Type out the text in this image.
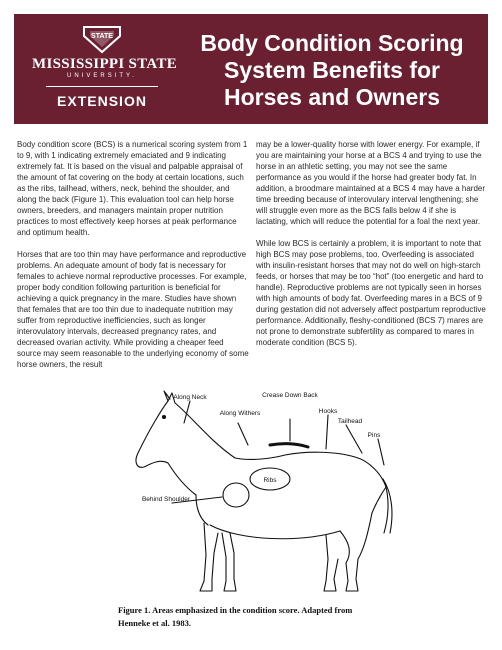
STATE
MISSISSIPPI STATE
UNIVERSITY.
EXTENSION
Body Condition Scoring
System Benefits for
Horses and Owners

Body condition score (BCS) is a numerical scoring system from 1 to 9, with 1 indicating extremely emaciated and 9 indicating extremely fat. It is based on the visual and palpable appraisal of the amount of fat covering on the body at certain locations, such as the ribs, tailhead, withers, neck, behind the shoulder, and along the back (Figure 1). This evaluation tool can help horse owners, breeders, and managers maintain proper nutrition practices to most effectively keep horses at peak performance and optimum health.

Horses that are too thin may have performance and reproductive problems. An adequate amount of body fat is necessary for females to achieve normal reproductive processes. For example, proper body condition following parturition is beneficial for achieving a quick pregnancy in the mare. Studies have shown that females that are too thin due to inadequate nutrition may suffer from reproductive inefficiencies, such as longer interovulatory intervals, decreased pregnancy rates, and decreased ovarian activity. While providing a cheaper feed source may seem reasonable to the underlying economy of some horse owners, the result

may be a lower-quality horse with lower energy. For example, if you are maintaining your horse at a BCS 4 and trying to use the horse in an athletic setting, you may not see the same performance as you would if the horse had greater body fat. In addition, a broodmare maintained at a BCS 4 may have a harder time breeding because of interovulary interval lengthening; she will struggle even more as the BCS falls below 4 if she is lactating, which will reduce the potential for a foal the next year.

While low BCS is certainly a problem, it is important to note that high BCS may pose problems, too. Overfeeding is associated with insulin-resistant horses that may not do well on high-starch feeds, or horses that may be too “hot” (too energetic and hard to handle). Reproductive problems are not typically seen in horses with high amounts of body fat. Overfeeding mares in a BCS of 9 during gestation did not adversely affect postpartum reproductive performance. Additionally, fleshy-conditioned (BCS 7) mares are not prone to demonstrate subfertility as compared to mares in moderate condition (BCS 5).

Along Neck
Along Withers
Crease Down Back
Hooks
Tailhead
Pins
Ribs
Behind Shoulder
Figure 1. Areas emphasized in the condition score. Adapted from
Henneke et al. 1983.
